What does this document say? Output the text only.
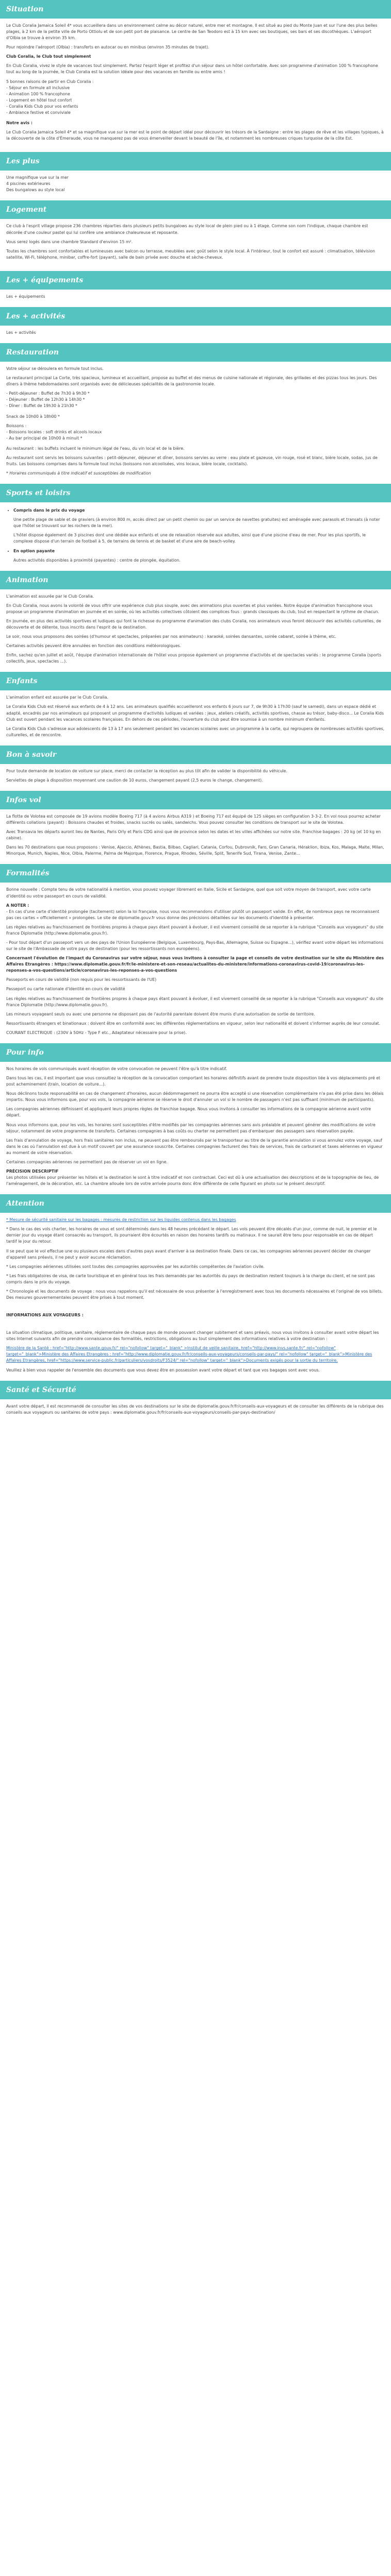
Situation

Le Club Coralia Jamaica Soleil 4* vous accueillera dans un environnement calme au décor naturel, entre mer et montagne. Il est situé au pied du Monte Juan et sur l'une des plus belles plages, à 2 km de la petite ville de Porto Ottiolu et de son petit port de plaisance. Le centre de San Teodoro est à 15 km avec ses boutiques, ses bars et ses discothèques. L'aéroport d'Olbia se trouve à environ 35 km.

Pour rejoindre l'aéroport (Olbia) : transferts en autocar ou en minibus (environ 35 minutes de trajet).

Club Coralia, le Club tout simplement

En Club Coralia, vivez le style de vacances tout simplement. Partez l'esprit léger et profitez d'un séjour dans un hôtel confortable. Avec son programme d'animation 100 % francophone tout au long de la journée, le Club Coralia est la solution idéale pour des vacances en famille ou entre amis !

5 bonnes raisons de partir en Club Coralia :

- Séjour en formule all inclusive
- Animation 100 % francophone
- Logement en hôtel tout confort
- Coralia Kids Club pour vos enfants
- Ambiance festive et conviviale

Notre avis :

Le Club Coralia Jamaica Soleil 4* et sa magnifique vue sur la mer est le point de départ idéal pour découvrir les trésors de la Sardaigne : entre les plages de rêve et les villages typiques, à la découverte de la côte d'Émeraude, vous ne manquerez pas de vous émerveiller devant la beauté de l'île, et notamment les nombreuses criques turquoise de la côte Est.

Les plus
Une magnifique vue sur la mer
4 piscines extérieures
Des bungalows au style local
Logement

Ce club à l'esprit village propose 236 chambres réparties dans plusieurs petits bungalows au style local de plein pied ou à 1 étage. Comme son nom l'indique, chaque chambre est décorée d'une couleur pastel qui lui confère une ambiance chaleureuse et reposante.

Vous serez logés dans une chambre Standard d'environ 15 m².

Toutes les chambres sont confortables et lumineuses avec balcon ou terrasse, meublées avec goût selon le style local. À l'intérieur, tout le confort est assuré : climatisation, télévision satellite, Wi-Fi, téléphone, minibar, coffre-fort (payant), salle de bain privée avec douche et sèche-cheveux.

Les + équipements

Les + équipements

Les + activités

Les + activités

Restauration

Votre séjour se déroulera en formule tout inclus.

Le restaurant principal La Corte, très spacieux, lumineux et accueillant, propose au buffet et des menus de cuisine nationale et régionale, des grillades et des pizzas tous les jours. Des dîners à thème hebdomadaires sont organisés avec de délicieuses spécialités de la gastronomie locale.

- Petit-déjeuner : Buffet de 7h30 à 9h30 *
- Déjeuner : Buffet de 12h30 à 14h30 *
- Dîner : Buffet de 19h30 à 21h30 *

Snack de 10h00 à 18h00 *

Boissons :

- Boissons locales : soft drinks et alcools locaux
- Au bar principal de 10h00 à minuit *

Au restaurant : les buffets incluent le minimum légal de l'eau, du vin local et de la bière.

Au restaurant sont servis les boissons suivantes : petit-déjeuner, déjeuner et dîner, boissons servies au verre : eau plate et gazeuse, vin rouge, rosé et blanc, bière locale, sodas, jus de fruits. Les boissons comprises dans la formule tout inclus (boissons non alcoolisées, vins locaux, bière locale, cocktails).

* Horaires communiqués à titre indicatif et susceptibles de modification

Sports et loisirs
• Compris dans le prix du voyage

Une petite plage de sable et de graviers (à environ 800 m, accès direct par un petit chemin ou par un service de navettes gratuites) est aménagée avec parasols et transats (à noter que l'hôtel se trouvant sur les rochers de la mer).

L'hôtel dispose également de 3 piscines dont une dédiée aux enfants et une de relaxation réservée aux adultes, ainsi que d'une piscine d'eau de mer. Pour les plus sportifs, le complexe dispose d'un terrain de football à 5, de terrains de tennis et de basket et d'une aire de beach-volley.

• En option payante

Autres activités disponibles à proximité (payantes) : centre de plongée, équitation.

Animation

L'animation est assurée par le Club Coralia.

En Club Coralia, nous avons la volonté de vous offrir une expérience club plus souple, avec des animations plus ouvertes et plus variées. Notre équipe d'animation francophone vous propose un programme d'animation en journée et en soirée, où les activités collectives côtoient des complices fous : grands classiques du club, tout en respectant le rythme de chacun.

En journée, en plus des activités sportives et ludiques qui font la richesse du programme d'animation des clubs Coralia, nos animateurs vous feront découvrir des activités culturelles, de découverte et de détente, tous inscrits dans l'esprit de la destination.

Le soir, nous vous proposons des soirées (d'humour et spectacles, préparées par nos animateurs) : karaoké, soirées dansantes, soirée cabaret, soirée à thème, etc.

Certaines activités peuvent être annulées en fonction des conditions météorologiques.

Enfin, sachez qu'en juillet et août, l'équipe d'animation internationale de l'hôtel vous propose également un programme d'activités et de spectacles variés : le programme Coralia (sports collectifs, jeux, spectacles ...).

Enfants

L'animation enfant est assurée par le Club Coralia.

Le Coralia Kids Club est réservé aux enfants de 4 à 12 ans. Les animateurs qualifiés accueilleront vos enfants 6 jours sur 7, de 9h30 à 17h30 (sauf le samedi), dans un espace dédié et adapté, encadrés par nos animateurs qui proposent un programme d'activités ludiques et variées : jeux, ateliers créatifs, activités sportives, chasse au trésor, baby-disco... Le Coralia Kids Club est ouvert pendant les vacances scolaires françaises. En dehors de ces périodes, l'ouverture du club peut être soumise à un nombre minimum d'enfants.

Le Coralia Kids Club s'adresse aux adolescents de 13 à 17 ans seulement pendant les vacances scolaires avec un programme à la carte, qui regroupera de nombreuses activités sportives, culturelles, et de rencontre.

Bon à savoir

Pour toute demande de location de voiture sur place, merci de contacter la réception au plus tôt afin de valider la disponibilité du véhicule.

Serviettes de plage à disposition moyennant une caution de 10 euros, changement payant (2,5 euros le change, changement).

Infos vol

La flotte de Volotea est composée de 19 avions modèle Boeing 717 (à 4 avions Airbus A319 ) et Boeing 717 est équipé de 125 sièges en configuration 3-3-2. En vol nous pourrez acheter différents collations (payant) : Boissons chaudes et froides, snacks sucrés ou salés, sandwichs. Vous pouvez consulter les conditions de transport sur le site de Volotea.

Avec Transavia les départs auront lieu de Nantes, Paris Orly et Paris CDG ainsi que de province selon les dates et les villes affichées sur notre site. Franchise bagages : 20 kg (et 10 kg en cabine).

Dans les 70 destinations que nous proposons : Venise, Ajaccio, Athènes, Bastia, Bilbao, Cagliari, Catania, Corfou, Dubrovnik, Faro, Gran Canaria, Héraklion, Ibiza, Kos, Malaga, Malte, Milan, Minorque, Munich, Naples, Nice, Olbia, Palerme, Palma de Majorque, Florence, Prague, Rhodes, Séville, Split, Tenerife Sud, Tirana, Venise, Zante...

Formalités

Bonne nouvelle : Compte tenu de votre nationalité à mention, vous pouvez voyager librement en Italie, Sicile et Sardaigne, quel que soit votre moyen de transport, avec votre carte d'identité ou votre passeport en cours de validité.

A NOTER :

- En cas d'une carte d'identité prolongée (tacitement) selon la loi française, nous vous recommandons d'utiliser plutôt un passeport valide. En effet, de nombreux pays ne reconnaissent pas ces cartes « officiellement » prolongées. Le site de diplomatie.gouv.fr vous donne des précisions détaillées sur les documents d'identité à présenter.

Les règles relatives au franchissement de frontières propres à chaque pays étant pouvant à évoluer, il est vivement conseillé de se reporter à la rubrique "Conseils aux voyageurs" du site France Diplomatie (http://www.diplomatie.gouv.fr).

- Pour tout départ d'un passeport vers un des pays de l'Union Européenne (Belgique, Luxembourg, Pays-Bas, Allemagne, Suisse ou Espagne...), vérifiez avant votre départ les informations sur le site de l'Ambassade de votre pays de destination (pour les ressortissants non européens).

Concernant l'évolution de l'impact du Coronavirus sur votre séjour, nous vous invitons à consulter la page et conseils de votre destination sur le site du Ministère des Affaires Etrangères : https://www.diplomatie.gouv.fr/fr/le-ministere-et-son-reseau/actualites-du-ministere/informations-coronavirus-covid-19/coronavirus-les-reponses-a-vos-questions/article/coronavirus-les-reponses-a-vos-questions

Passeports en cours de validité (non requis pour les ressortissants de l'UE)

Passeport ou carte nationale d'identité en cours de validité

Les règles relatives au franchissement de frontières propres à chaque pays étant pouvant à évoluer, il est vivement conseillé de se reporter à la rubrique "Conseils aux voyageurs" du site France Diplomatie (http://www.diplomatie.gouv.fr).

Les mineurs voyageant seuls ou avec une personne ne disposant pas de l'autorité parentale doivent être munis d'une autorisation de sortie de territoire.

Ressortissants étrangers et binationaux : doivent être en conformité avec les différentes réglementations en vigueur, selon leur nationalité et doivent s'informer auprès de leur consulat.

COURANT ELECTRIQUE : (230V à 50Hz - Type F etc., Adaptateur nécessaire pour la prise).

Pour info

Nos horaires de vols communiqués avant réception de votre convocation ne peuvent l'être qu'à titre indicatif.

Dans tous les cas, il est important que vous consultiez la réception de la convocation comportant les horaires définitifs avant de prendre toute disposition liée à vos déplacements pré et post acheminement (train, location de voiture...).

Nous déclinons toute responsabilité en cas de changement d'horaires, aucun dédommagement ne pourra être accepté si une réservation complémentaire n'a pas été prise dans les délais impartis. Nous vous informons que, pour vos vols, la compagnie aérienne se réserve le droit d'annuler un vol si le nombre de passagers n'est pas suffisant (minimum de participants).

Les compagnies aériennes définissent et appliquent leurs propres règles de franchise bagage. Nous vous invitons à consulter les informations de la compagnie aérienne avant votre départ.

Nous vous informons que, pour les vols, les horaires sont susceptibles d'être modifiés par les compagnies aériennes sans avis préalable et peuvent générer des modifications de votre séjour, notamment de votre programme de transferts. Certaines compagnies à bas coûts ou charter ne permettent pas d'embarquer des passagers sans réservation payée.

Les frais d'annulation de voyage, hors frais sanitaires non inclus, ne peuvent pas être remboursés par le transporteur au titre de la garantie annulation si vous annulez votre voyage, sauf dans le cas où l'annulation est due à un motif couvert par une assurance souscrite. Certaines compagnies facturent des frais de services, frais de carburant et taxes aériennes en vigueur au moment de votre réservation.

Certaines compagnies aériennes ne permettent pas de réserver un vol en ligne.

PRÉCISION DESCRIPTIF

Les photos utilisées pour présenter les hôtels et la destination le sont à titre indicatif et non contractuel. Ceci est dû à une actualisation des descriptions et de la topographie de lieu, de l'aménagement, de la décoration, etc. La chambre allouée lors de votre arrivée pourra donc être différente de celle figurant en photo sur le présent descriptif.

Attention

* Mesure de sécurité sanitaire sur les bagages : mesures de restriction sur les liquides contenus dans les bagages

* Dans le cas des vols charter, les horaires de vous et sont déterminés dans les 48 heures précédant le départ. Les vols peuvent être décalés d'un jour, comme de nuit, le premier et le dernier jour du voyage étant consacrés au transport, ils pourraient être écourtés en raison des horaires tardifs ou matinaux. Il ne saurait être tenu pour responsable en cas de départ tardif le jour du retour.

Il se peut que le vol effectue une ou plusieurs escales dans d'autres pays avant d'arriver à sa destination finale. Dans ce cas, les compagnies aériennes peuvent décider de changer d'appareil sans préavis, il ne peut y avoir aucune réclamation.

* Les compagnies aériennes utilisées sont toutes des compagnies approuvées par les autorités compétentes de l'aviation civile.

* Les frais obligatoires de visa, de carte touristique et en général tous les frais demandés par les autorités du pays de destination restent toujours à la charge du client, et ne sont pas compris dans le prix du voyage.

* Chronologie et les documents de voyage : nous vous rappelons qu'il est nécessaire de vous présenter à l'enregistrement avec tous les documents nécessaires et l'original de vos billets. Des mesures gouvernementales peuvent être prises à tout moment.

INFORMATIONS AUX VOYAGEURS :

La situation climatique, politique, sanitaire, réglementaire de chaque pays de monde pouvant changer subitement et sans préavis, nous vous invitons à consulter avant votre départ les sites Internet suivants afin de prendre connaissance des formalités, restrictions, obligations au tout simplement des informations relatives à votre destination :

Ministère de la Santé : href="http://www.sante.gouv.fr/" rel="nofollow" target="_blank" >Institut de veille sanitaire, href="http://www.invs.sante.fr/" rel="nofollow" target="_blank">Ministère des Affaires Etrangères : href="http://www.diplomatie.gouv.fr/fr/conseils-aux-voyageurs/conseils-par-pays/" rel="nofollow" target="_blank">Ministère des Affaires Etrangères, href="https://www.service-public.fr/particuliers/vosdroits/F3524/" rel="nofollow" target="_blank">Documents exigés pour la sortie du territoire.

Veuillez à bien vous rappeler de l'ensemble des documents que vous devez être en possession avant votre départ et tant que vos bagages sont avec vous.

Santé et Sécurité

Avant votre départ, il est recommandé de consulter les sites de vos destinations sur le site de diplomatie.gouv.fr/fr/conseils-aux-voyageurs et de consulter les différents de la rubrique des conseils aux voyageurs ou sanitaires de votre pays : www.diplomatie.gouv.fr/fr/conseils-aux-voyageurs/conseils-par-pays-destination/
